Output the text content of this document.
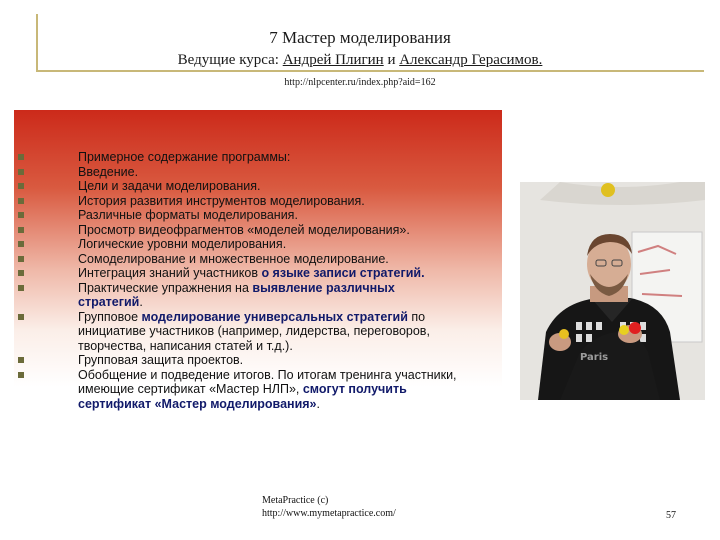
7 Мастер моделирования
Ведущие курса: Андрей Плигин и Александр Герасимов.
http://nlpcenter.ru/index.php?aid=162
Примерное содержание программы:
Введение.
Цели и задачи моделирования.
История развития инструментов моделирования.
Различные форматы моделирования.
Просмотр видеофрагментов «моделей моделирования».
Логические уровни моделирования.
Сомоделирование и множественное моделирование.
Интеграция знаний участников о языке записи стратегий.
Практические упражнения на выявление различных стратегий.
Групповое моделирование универсальных стратегий по инициативе участников (например, лидерства, переговоров, творчества, написания статей и т.д.).
Групповая защита проектов.
Обобщение и подведение итогов. По итогам тренинга участники, имеющие сертификат «Мастер НЛП», смогут получить сертификат «Мастер моделирования».
Paris
MetaPractice (c)
http://www.mymetapractice.com/	57
